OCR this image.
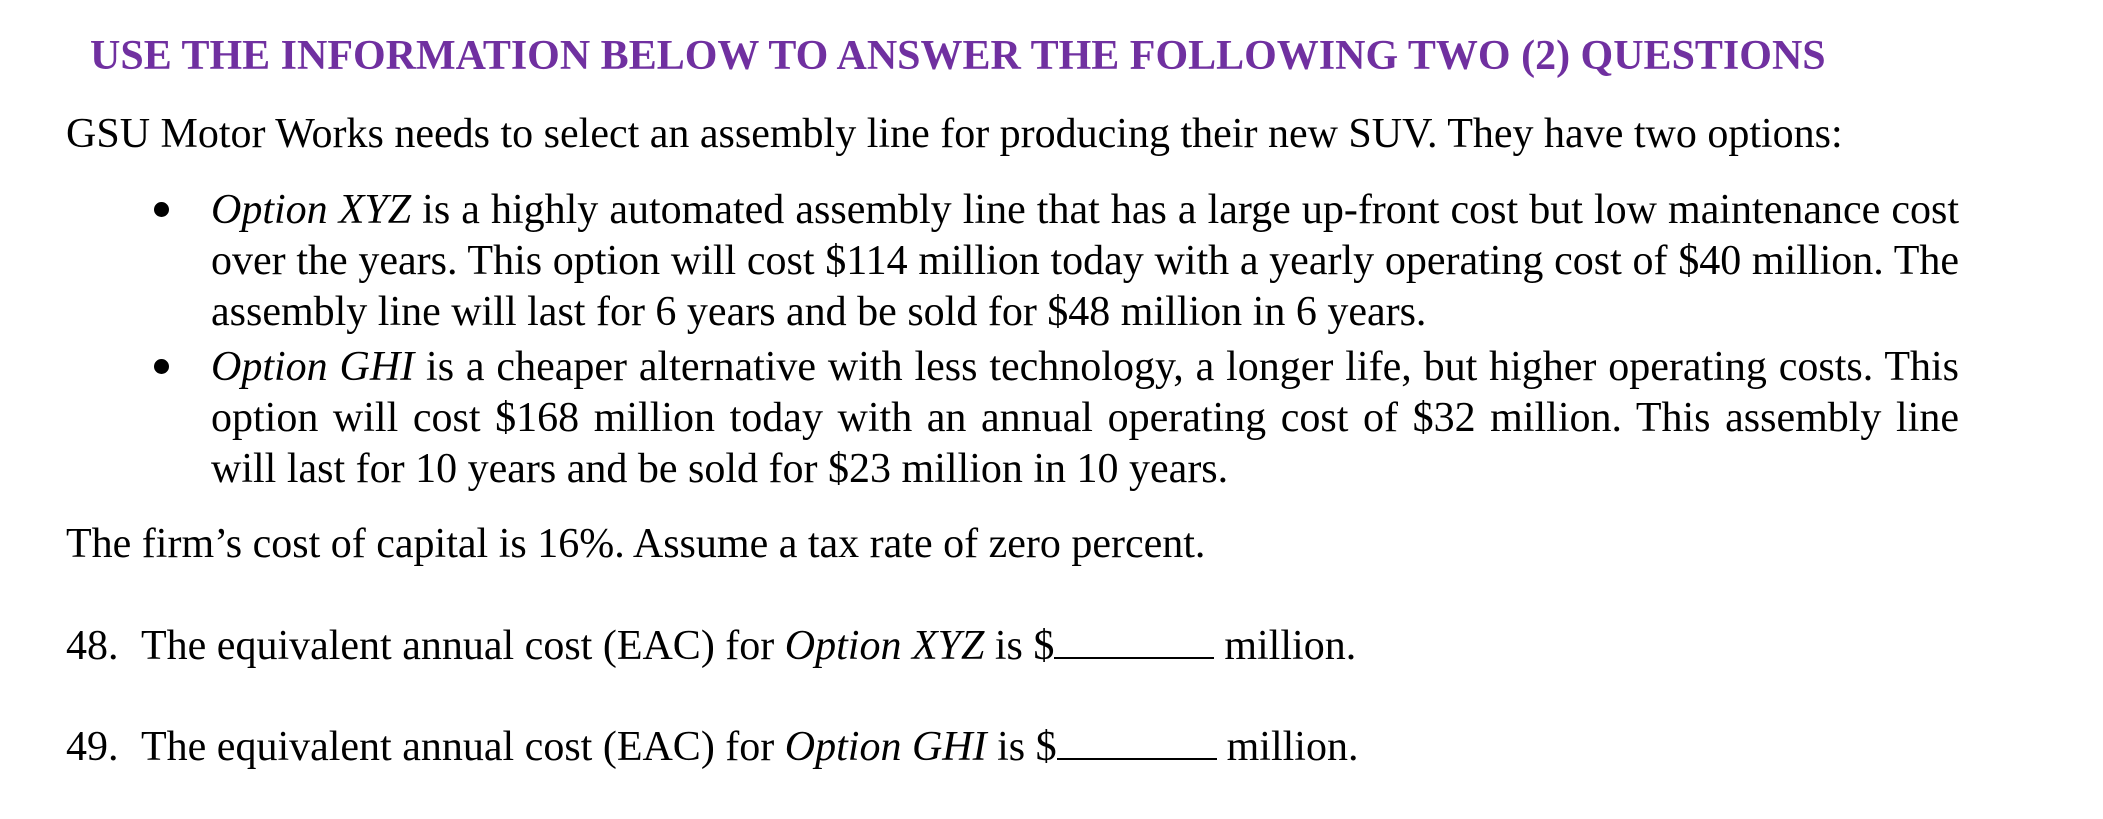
USE THE INFORMATION BELOW TO ANSWER THE FOLLOWING TWO (2) QUESTIONS
GSU Motor Works needs to select an assembly line for producing their new SUV. They have two options:
Option XYZ is a highly automated assembly line that has a large up-front cost but low maintenance cost over the years. This option will cost $114 million today with a yearly operating cost of $40 million. The assembly line will last for 6 years and be sold for $48 million in 6 years.
Option GHI is a cheaper alternative with less technology, a longer life, but higher operating costs. This option will cost $168 million today with an annual operating cost of $32 million. This assembly line will last for 10 years and be sold for $23 million in 10 years.
The firm’s cost of capital is 16%. Assume a tax rate of zero percent.
48. The equivalent annual cost (EAC) for Option XYZ is $	million.
49. The equivalent annual cost (EAC) for Option GHI is $	million.
